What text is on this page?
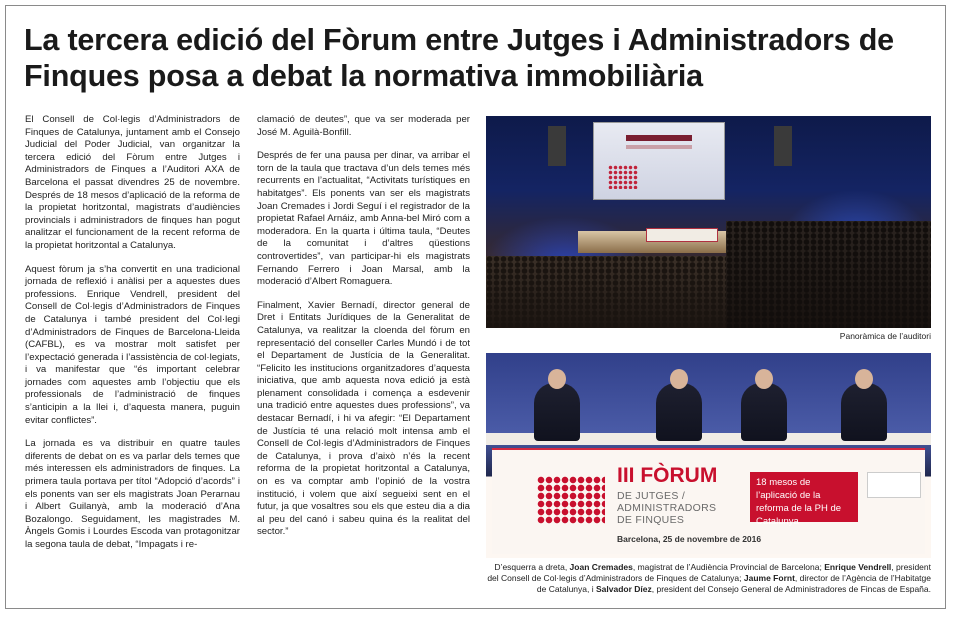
La tercera edició del Fòrum entre Jutges i Administradors de Finques posa a debat la normativa immobiliària

El Consell de Col·legis d’Administradors de Finques de Catalunya, juntament amb el Consejo Judicial del Poder Judicial, van organitzar la tercera edició del Fòrum entre Jutges i Administradors de Finques a l’Auditori AXA de Barcelona el passat divendres 25 de novembre. Després de 18 mesos d’aplicació de la reforma de la propietat horitzontal, magistrats d’audiències provincials i administradors de finques han pogut analitzar el funcionament de la recent reforma de la propietat horitzontal a Catalunya.

Aquest fòrum ja s’ha convertit en una tradicional jornada de reflexió i anàlisi per a aquestes dues professions. Enrique Vendrell, president del Consell de Col·legis d’Administradors de Finques de Catalunya i també president del Col·legi d’Administradors de Finques de Barcelona-Lleida (CAFBL), es va mostrar molt satisfet per l’expectació generada i l’assistència de col·legiats, i va manifestar que “és important celebrar jornades com aquestes amb l’objectiu que els professionals de l’administració de finques s’anticipin a la llei i, d’aquesta manera, puguin evitar conflictes”.

La jornada es va distribuir en quatre taules diferents de debat on es va parlar dels temes que més interessen els administradors de finques. La primera taula portava per títol “Adopció d’acords” i els ponents van ser els magistrats Joan Perarnau i Albert Guilanyà, amb la moderació d’Ana Bozalongo. Seguidament, les magistrades M. Àngels Gomis i Lourdes Escoda van protagonitzar la segona taula de debat, “Impagats i re-

clamació de deutes”, que va ser moderada per José M. Aguilà-Bonfill.

Després de fer una pausa per dinar, va arribar el torn de la taula que tractava d’un dels temes més recurrents en l’actualitat, “Activitats turístiques en habitatges”. Els ponents van ser els magistrats Joan Cremades i Jordi Seguí i el registrador de la propietat Rafael Arnáiz, amb Anna-bel Miró com a moderadora. En la quarta i última taula, “Deutes de la comunitat i d’altres qüestions controvertides”, van participar-hi els magistrats Fernando Ferrero i Joan Marsal, amb la moderació d’Albert Romaguera.

Finalment, Xavier Bernadí, director general de Dret i Entitats Jurídiques de la Generalitat de Catalunya, va realitzar la cloenda del fòrum en representació del conseller Carles Mundó i de tot el Departament de Justícia de la Generalitat. “Felicito les institucions organitzadores d’aquesta iniciativa, que amb aquesta nova edició ja està plenament consolidada i comença a esdevenir una tradició entre aquestes dues professions”, va destacar Bernadí, i hi va afegir: “El Departament de Justícia té una relació molt intensa amb el Consell de Col·legis d’Administradors de Finques de Catalunya, i prova d’això n’és la recent reforma de la propietat horitzontal a Catalunya, on es va comptar amb l’opinió de la vostra institució, i volem que així segueixi sent en el futur, ja que vosaltres sou els que esteu dia a dia al peu del canó i sabeu quina és la realitat del sector.”

Panoràmica de l’auditori
III FÒRUM
DE JUTGES /
ADMINISTRADORS
DE FINQUES
Barcelona, 25 de novembre de 2016
18 mesos de l’aplicació de la reforma de la PH de Catalunya
D’esquerra a dreta, Joan Cremades, magistrat de l’Audiència Provincial de Barcelona; Enrique Vendrell, president del Consell de Col·legis d’Administradors de Finques de Catalunya; Jaume Fornt, director de l’Agència de l’Habitatge de Catalunya, i Salvador Díez, president del Consejo General de Administradores de Fincas de España.
